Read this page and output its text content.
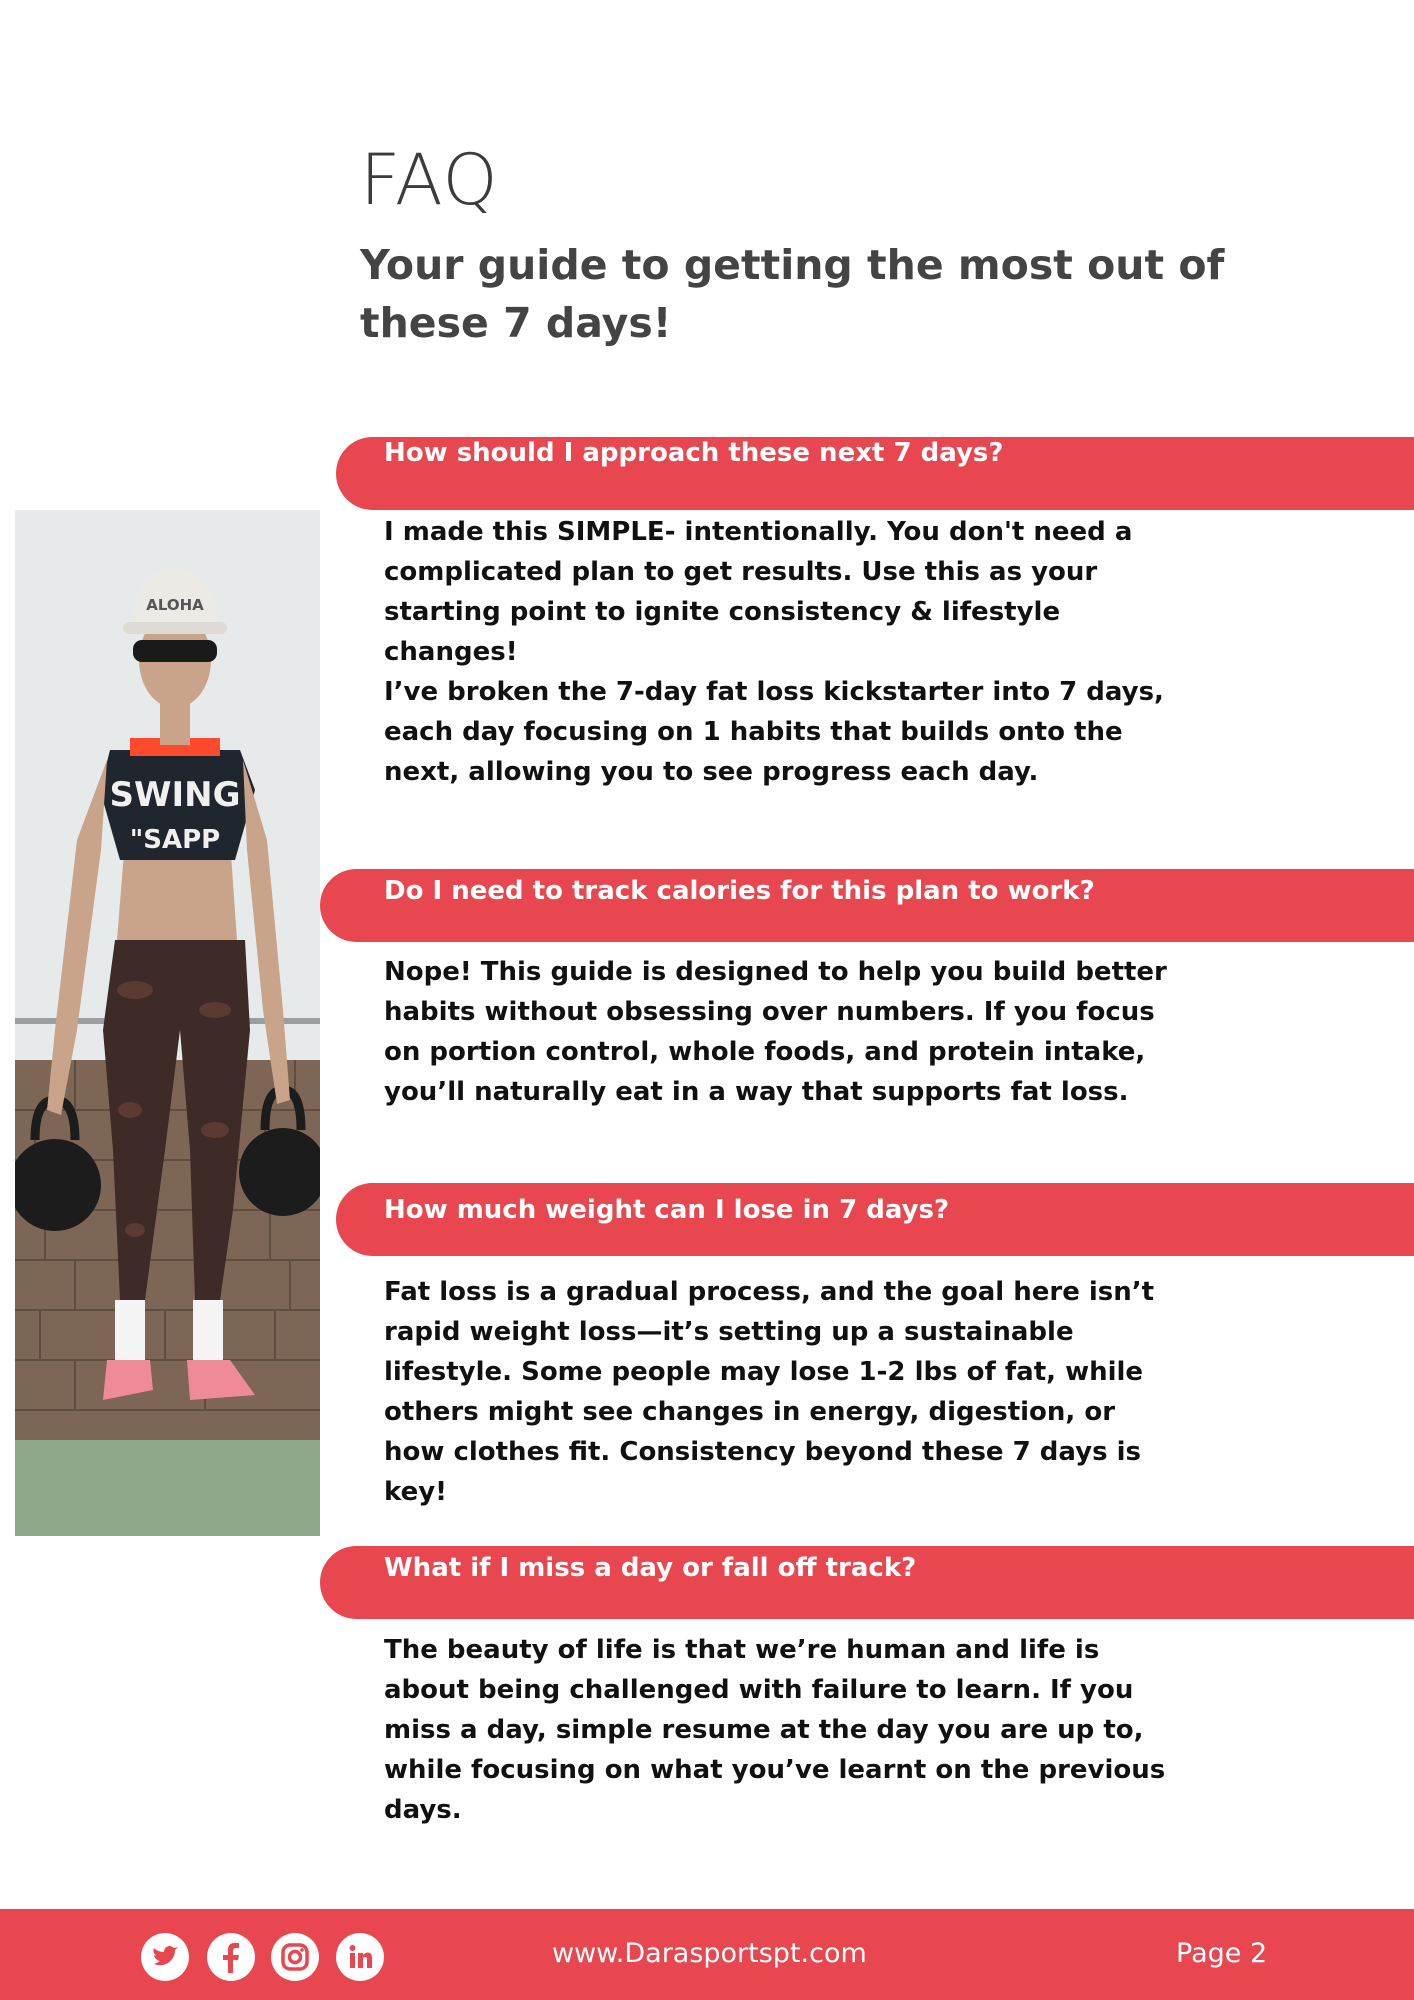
FAQ
Your guide to getting the most out of these 7 days!
SWING
"SAPP
ALOHA
How should I approach these next 7 days?

I made this SIMPLE- intentionally. You don't need a complicated plan to get results. Use this as your starting point to ignite consistency & lifestyle changes!

I’ve broken the 7-day fat loss kickstarter into 7 days,

each day focusing on 1 habits that builds onto the next, allowing you to see progress each day.

Do I need to track calories for this plan to work?

Nope! This guide is designed to help you build better habits without obsessing over numbers. If you focus on portion control, whole foods, and protein intake, you’ll naturally eat in a way that supports fat loss.

How much weight can I lose in 7 days?

Fat loss is a gradual process, and the goal here isn’t rapid weight loss—it’s setting up a sustainable lifestyle. Some people may lose 1-2 lbs of fat, while others might see changes in energy, digestion, or how clothes fit. Consistency beyond these 7 days is key!

What if I miss a day or fall off track?

The beauty of life is that we’re human and life is about being challenged with failure to learn. If you miss a day, simple resume at the day you are up to, while focusing on what you’ve learnt on the previous days.

www.Darasportspt.com	Page 2
